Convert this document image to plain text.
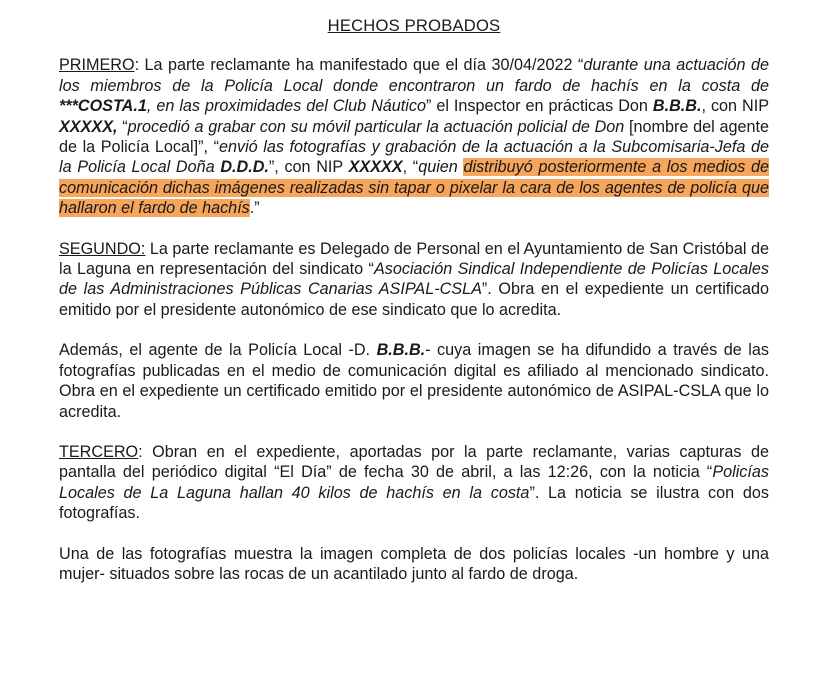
HECHOS PROBADOS

PRIMERO: La parte reclamante ha manifestado que el día 30/04/2022 “durante una actuación de los miembros de la Policía Local donde encontraron un fardo de hachís en la costa de ***COSTA.1, en las proximidades del Club Náutico” el Inspector en prácticas Don B.B.B., con NIP XXXXX, “procedió a grabar con su móvil particular la actuación policial de Don [nombre del agente de la Policía Local]”, “envió las fotografías y grabación de la actuación a la Subcomisaria-Jefa de la Policía Local Doña D.D.D.”, con NIP XXXXX, “quien distribuyó posteriormente a los medios de comunicación dichas imágenes realizadas sin tapar o pixelar la cara de los agentes de policía que hallaron el fardo de hachís.”

SEGUNDO: La parte reclamante es Delegado de Personal en el Ayuntamiento de San Cristóbal de la Laguna en representación del sindicato “Asociación Sindical Independiente de Policías Locales de las Administraciones Públicas Canarias ASIPAL-CSLA”. Obra en el expediente un certificado emitido por el presidente autonómico de ese sindicato que lo acredita.

Además, el agente de la Policía Local -D. B.B.B.- cuya imagen se ha difundido a través de las fotografías publicadas en el medio de comunicación digital es afiliado al mencionado sindicato. Obra en el expediente un certificado emitido por el presidente autonómico de ASIPAL-CSLA que lo acredita.

TERCERO: Obran en el expediente, aportadas por la parte reclamante, varias capturas de pantalla del periódico digital “El Día” de fecha 30 de abril, a las 12:26, con la noticia “Policías Locales de La Laguna hallan 40 kilos de hachís en la costa”. La noticia se ilustra con dos fotografías.

Una de las fotografías muestra la imagen completa de dos policías locales -un hombre y una mujer- situados sobre las rocas de un acantilado junto al fardo de droga.
